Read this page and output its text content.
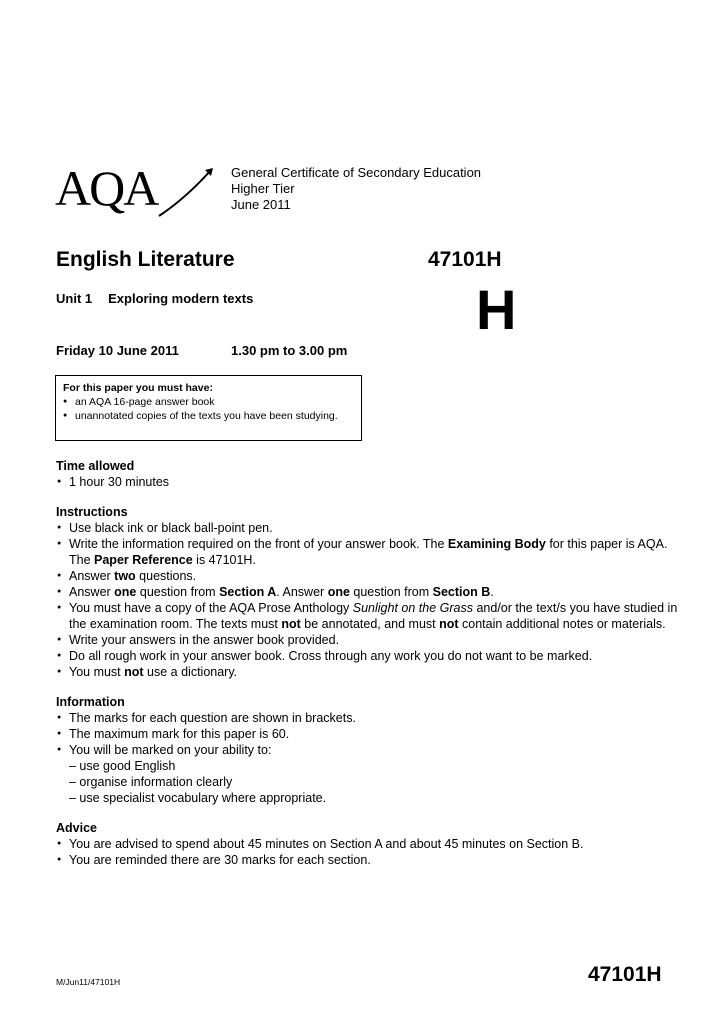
AQA	General Certificate of Secondary Education
Higher Tier
June 2011
English Literature	47101H
Unit 1 Exploring modern texts	H
Friday 10 June 2011	1.30 pm to 3.00 pm
For this paper you must have:
● an AQA 16-page answer book
● unannotated copies of the texts you have been studying.
Time allowed
● 1 hour 30 minutes
Instructions
● Use black ink or black ball-point pen.
● Write the information required on the front of your answer book. The Examining Body for this paper is AQA. The Paper Reference is 47101H.
● Answer two questions.
● Answer one question from Section A. Answer one question from Section B.
● You must have a copy of the AQA Prose Anthology Sunlight on the Grass and/or the text/s you have studied in the examination room. The texts must not be annotated, and must not contain additional notes or materials.
● Write your answers in the answer book provided.
● Do all rough work in your answer book. Cross through any work you do not want to be marked.
● You must not use a dictionary.
Information
● The marks for each question are shown in brackets.
● The maximum mark for this paper is 60.
● You will be marked on your ability to:
– use good English
– organise information clearly
– use specialist vocabulary where appropriate.
Advice
● You are advised to spend about 45 minutes on Section A and about 45 minutes on Section B.
● You are reminded there are 30 marks for each section.
M/Jun11/47101H	47101H
